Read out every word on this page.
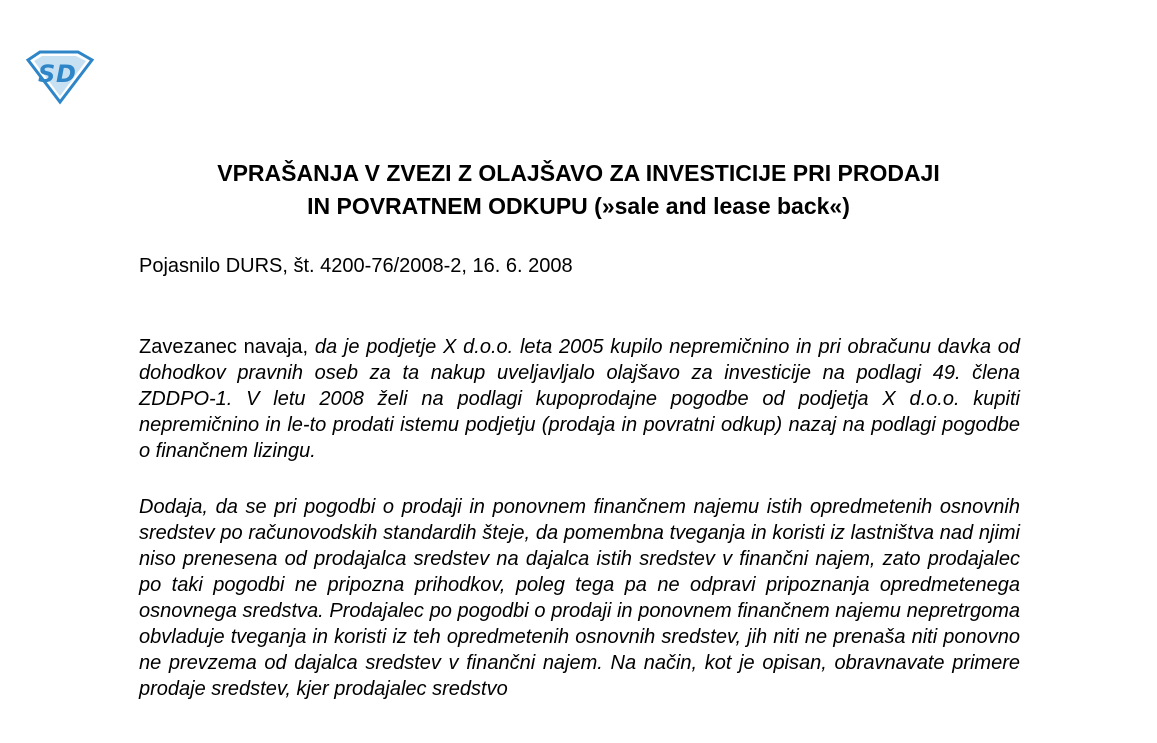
S D
VPRAŠANJA V ZVEZI Z OLAJŠAVO ZA INVESTICIJE PRI PRODAJI
IN POVRATNEM ODKUPU (»sale and lease back«)
Pojasnilo DURS, št. 4200-76/2008-2, 16. 6. 2008

Zavezanec navaja, da je podjetje X d.o.o. leta 2005 kupilo nepremičnino in pri obračunu davka od dohodkov pravnih oseb za ta nakup uveljavljalo olajšavo za investicije na podlagi 49. člena ZDDPO-1. V letu 2008 želi na podlagi kupoprodajne pogodbe od podjetja X d.o.o. kupiti nepremičnino in le-to prodati istemu podjetju (prodaja in povratni odkup) nazaj na podlagi pogodbe o finančnem lizingu.

Dodaja, da se pri pogodbi o prodaji in ponovnem finančnem najemu istih opredmetenih osnovnih sredstev po računovodskih standardih šteje, da pomembna tveganja in koristi iz lastništva nad njimi niso prenesena od prodajalca sredstev na dajalca istih sredstev v finančni najem, zato prodajalec po taki pogodbi ne pripozna prihodkov, poleg tega pa ne odpravi pripoznanja opredmetenega osnovnega sredstva. Prodajalec po pogodbi o prodaji in ponovnem finančnem najemu nepretrgoma obvladuje tveganja in koristi iz teh opredmetenih osnovnih sredstev, jih niti ne prenaša niti ponovno ne prevzema od dajalca sredstev v finančni najem. Na način, kot je opisan, obravnavate primere prodaje sredstev, kjer prodajalec sredstvo
